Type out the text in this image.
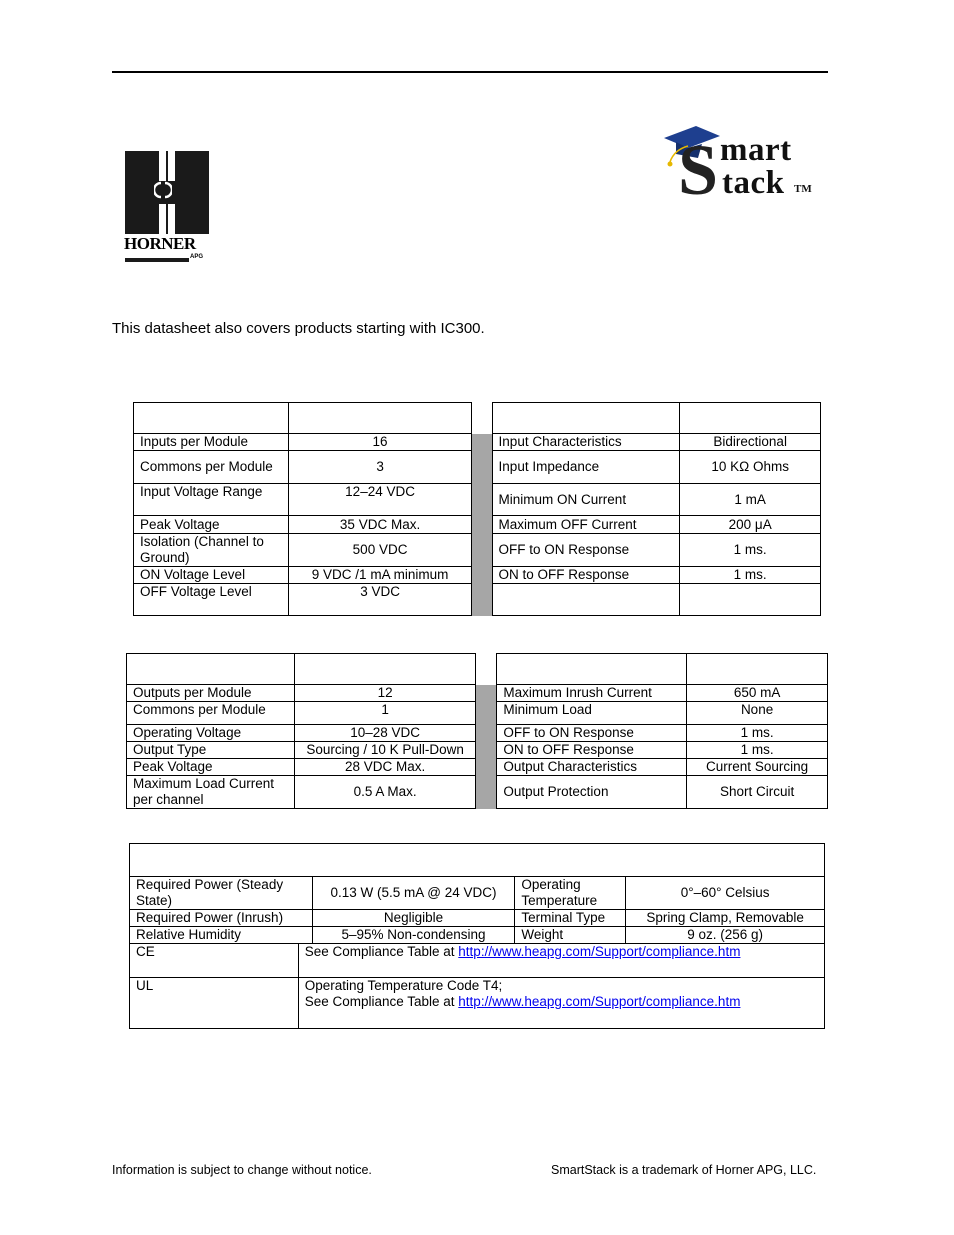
HORNER
APG
S mart
tack TM
This datasheet also covers products starting with IC300.

Inputs per Module	16		Input Characteristics	Bidirectional
Commons per Module	3		Input Impedance	10 KΩ Ohms
Input Voltage Range	12–24 VDC		Minimum ON Current	1 mA
Peak Voltage	35 VDC Max.		Maximum OFF Current	200 μA
Isolation (Channel to Ground)	500 VDC		OFF to ON Response	1 ms.
ON Voltage Level	9 VDC /1 mA minimum		ON to OFF Response	1 ms.
OFF Voltage Level	3 VDC			

Outputs per Module	12		Maximum Inrush Current	650 mA
Commons per Module	1		Minimum Load	None
Operating Voltage	10–28 VDC		OFF to ON Response	1 ms.
Output Type	Sourcing / 10 K Pull-Down		ON to OFF Response	1 ms.
Peak Voltage	28 VDC Max.		Output Characteristics	Current Sourcing
Maximum Load Current per channel	0.5 A Max.		Output Protection	Short Circuit

Required Power (Steady State)		0.13 W (5.5 mA @ 24 VDC)	Operating Temperature	0°–60° Celsius
Required Power (Inrush)		Negligible	Terminal Type	Spring Clamp, Removable
Relative Humidity		5–95% Non-condensing	Weight	9 oz. (256 g)
CE	See Compliance Table at http://www.heapg.com/Support/compliance.htm			
UL	Operating Temperature Code T4;
See Compliance Table at http://www.heapg.com/Support/compliance.htm			
Information is subject to change without notice.	SmartStack is a trademark of Horner APG, LLC.
